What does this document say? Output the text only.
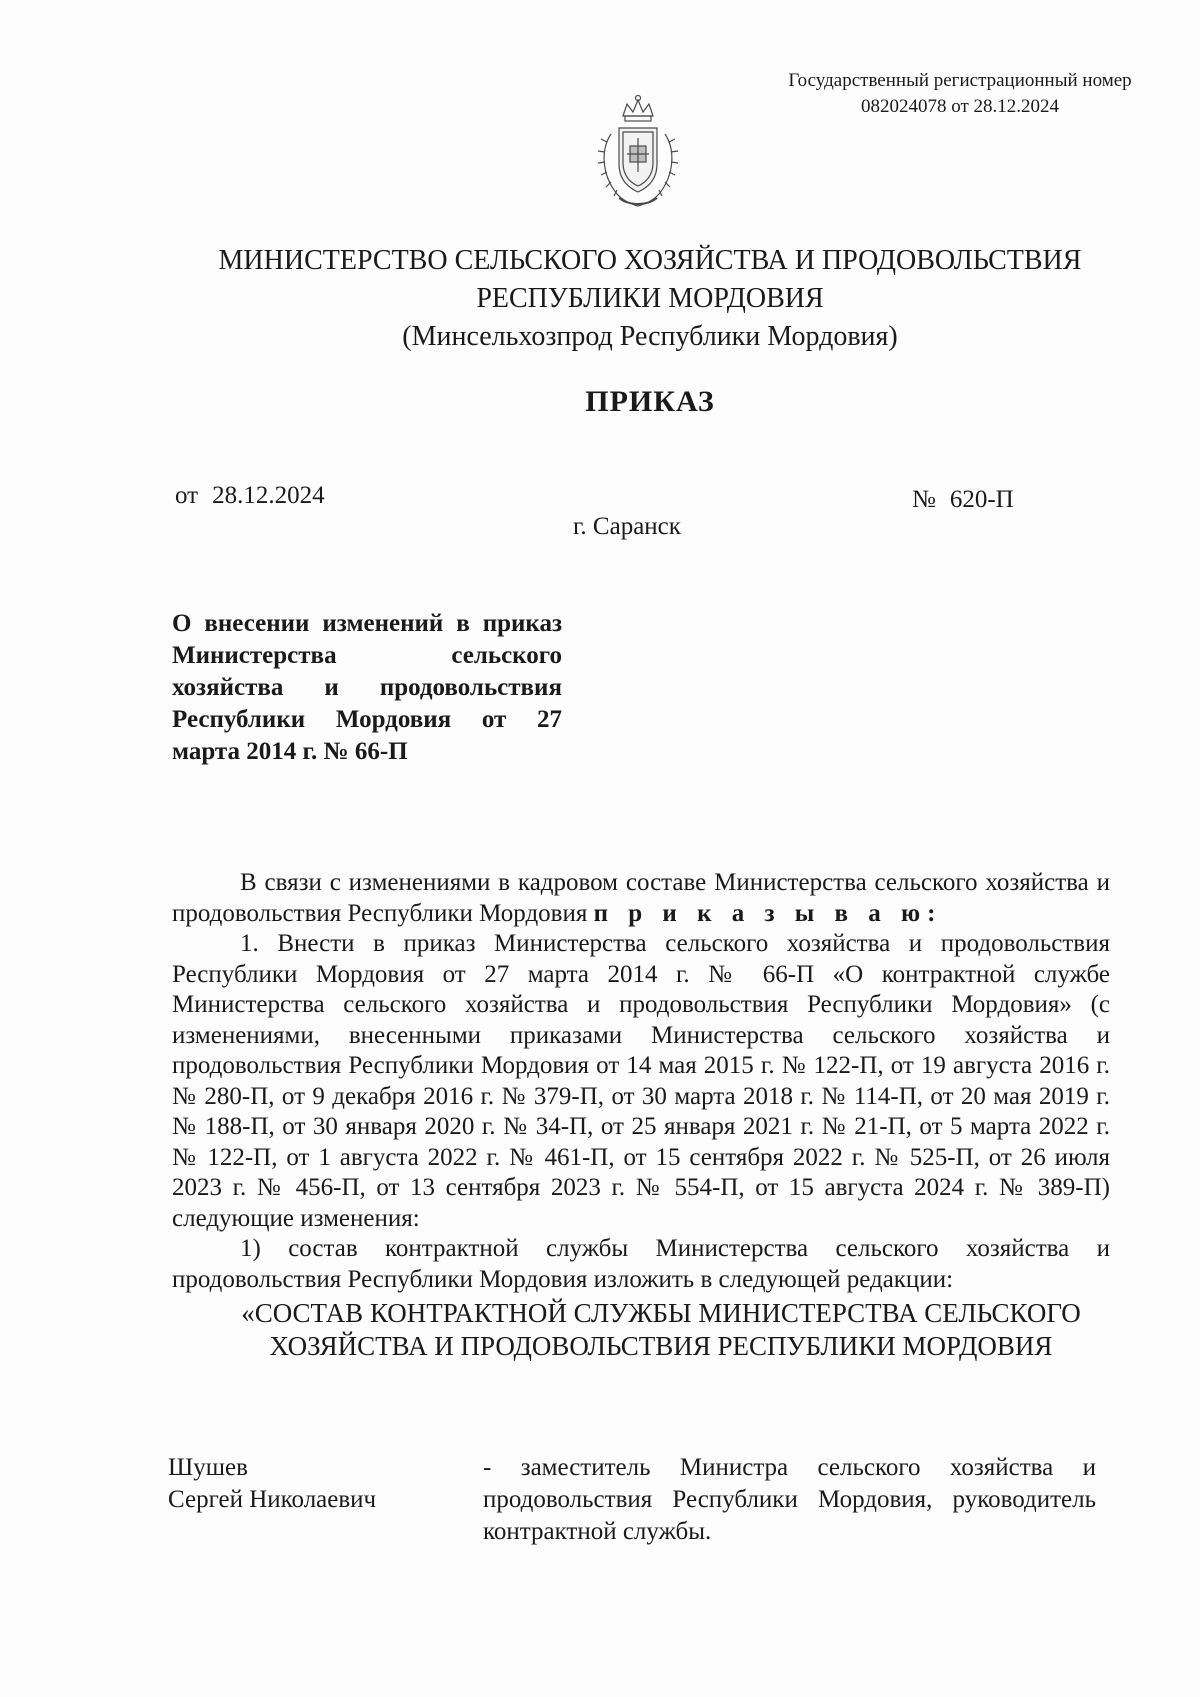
Государственный регистрационный номер
082024078 от 28.12.2024
МИНИСТЕРСТВО СЕЛЬСКОГО ХОЗЯЙСТВА И ПРОДОВОЛЬСТВИЯ
РЕСПУБЛИКИ МОРДОВИЯ
(Минсельхозпрод Республики Мордовия)
ПРИКАЗ
от 28.12.2024	№ 620-П
г. Саранск
О внесении изменений в приказ Министерства сельского хозяйства и продовольствия Республики Мордовия от 27 марта 2014 г. № 66-П

В связи с изменениями в кадровом составе Министерства сельского хозяйства и продовольствия Республики Мордовия п р и к а з ы в а ю:

1. Внести в приказ Министерства сельского хозяйства и продовольствия Республики Мордовия от 27 марта 2014 г. № 66-П «О контрактной службе Министерства сельского хозяйства и продовольствия Республики Мордовия» (с изменениями, внесенными приказами Министерства сельского хозяйства и продовольствия Республики Мордовия от 14 мая 2015 г. № 122-П, от 19 августа 2016 г. № 280-П, от 9 декабря 2016 г. № 379-П, от 30 марта 2018 г. № 114-П, от 20 мая 2019 г. № 188-П, от 30 января 2020 г. № 34-П, от 25 января 2021 г. № 21-П, от 5 марта 2022 г. № 122-П, от 1 августа 2022 г. № 461-П, от 15 сентября 2022 г. № 525-П, от 26 июля 2023 г. № 456-П, от 13 сентября 2023 г. № 554-П, от 15 августа 2024 г. № 389-П) следующие изменения:

1) состав контрактной службы Министерства сельского хозяйства и продовольствия Республики Мордовия изложить в следующей редакции:

«СОСТАВ КОНТРАКТНОЙ СЛУЖБЫ МИНИСТЕРСТВА СЕЛЬСКОГО ХОЗЯЙСТВА И ПРОДОВОЛЬСТВИЯ РЕСПУБЛИКИ МОРДОВИЯ

Шушев
Сергей Николаевич
- заместитель Министра сельского хозяйства и продовольствия Республики Мордовия, руководитель контрактной службы.
